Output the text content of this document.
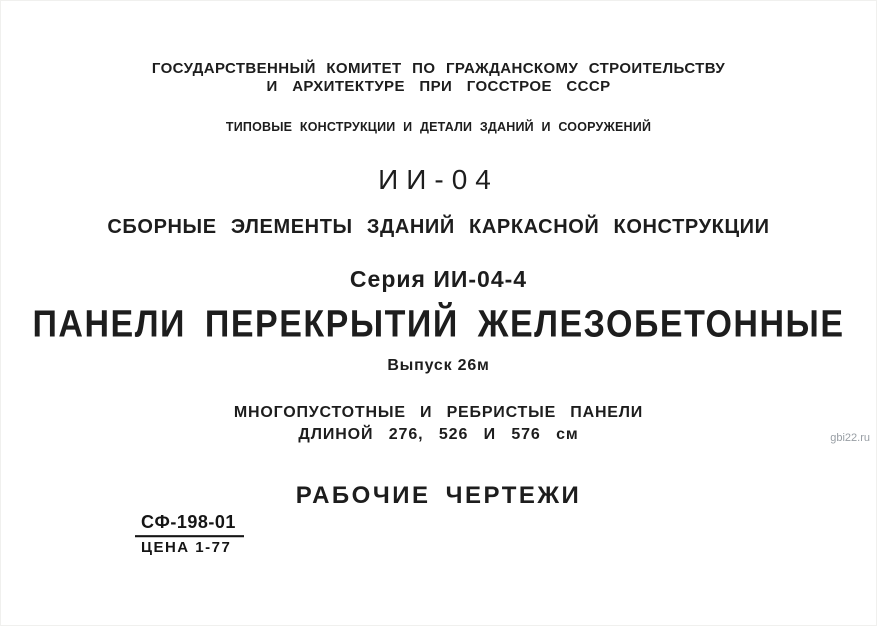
ГОСУДАРСТВЕННЫЙ КОМИТЕТ ПО ГРАЖДАНСКОМУ СТРОИТЕЛЬСТВУ
И АРХИТЕКТУРЕ ПРИ ГОССТРОЕ СССР
ТИПОВЫЕ КОНСТРУКЦИИ И ДЕТАЛИ ЗДАНИЙ И СООРУЖЕНИЙ
ИИ-04
СБОРНЫЕ ЭЛЕМЕНТЫ ЗДАНИЙ КАРКАСНОЙ КОНСТРУКЦИИ
Серия ИИ-04-4
ПАНЕЛИ ПЕРЕКРЫТИЙ ЖЕЛЕЗОБЕТОННЫЕ
Выпуск 26м
МНОГОПУСТОТНЫЕ И РЕБРИСТЫЕ ПАНЕЛИ
ДЛИНОЙ 276, 526 И 576 см	gbi22.ru
РАБОЧИЕ ЧЕРТЕЖИ
СФ-198-01
ЦЕНА 1-77
